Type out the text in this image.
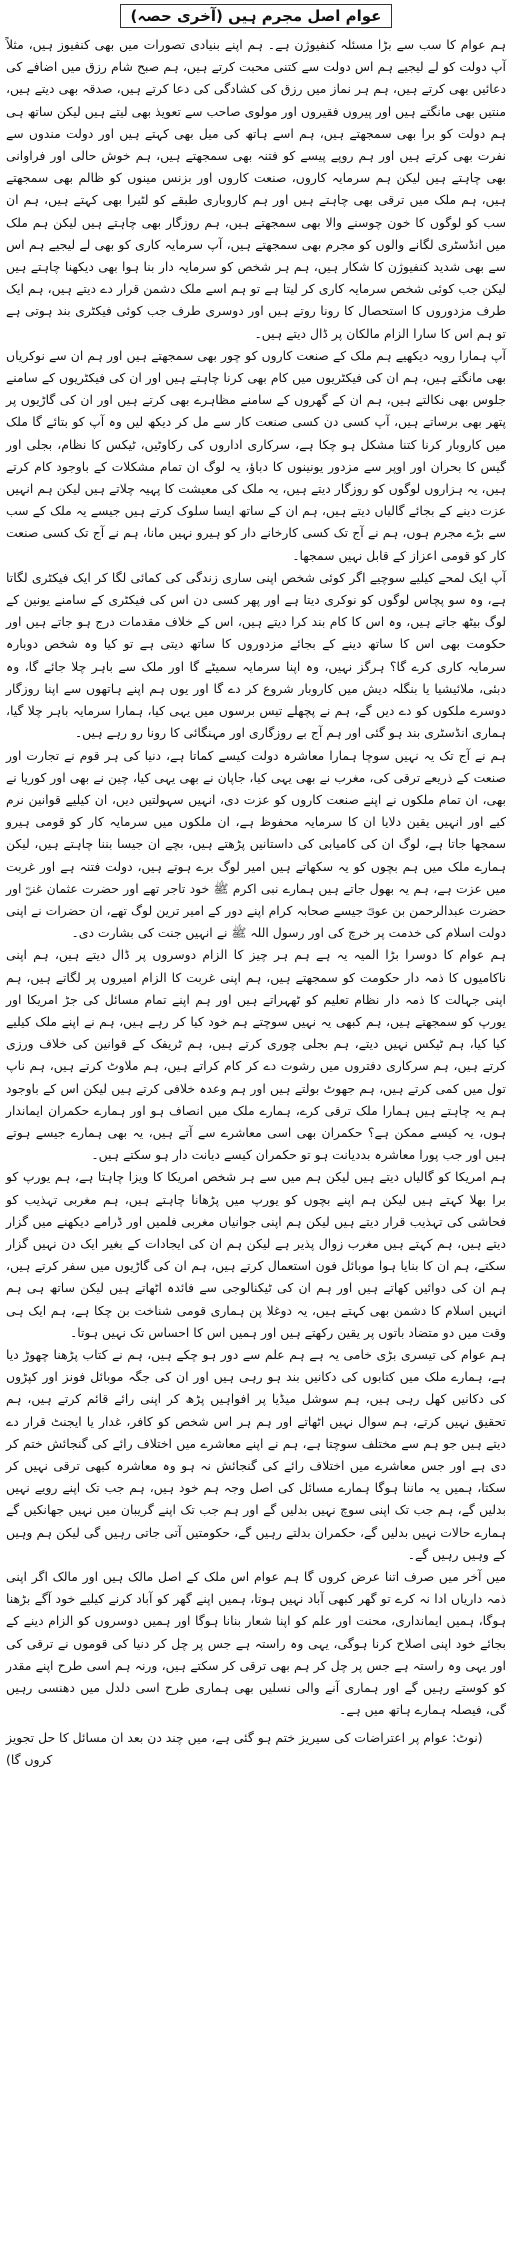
عوام اصل مجرم ہیں (آخری حصہ)

ہم عوام کا سب سے بڑا مسئلہ کنفیوژن ہے۔ ہم اپنے بنیادی تصورات میں بھی کنفیوز ہیں، مثلاً آپ دولت کو لے لیجیے ہم اس دولت سے کتنی محبت کرتے ہیں، ہم صبح شام رزق میں اضافے کی دعائیں بھی کرتے ہیں، ہم ہر نماز میں رزق کی کشادگی کی دعا کرتے ہیں، صدقہ بھی دیتے ہیں، منتیں بھی مانگتے ہیں اور پیروں فقیروں اور مولوی صاحب سے تعویذ بھی لیتے ہیں لیکن ساتھ ہی ہم دولت کو برا بھی سمجھتے ہیں، ہم اسے ہاتھ کی میل بھی کہتے ہیں اور دولت مندوں سے نفرت بھی کرتے ہیں اور ہم روپے پیسے کو فتنہ بھی سمجھتے ہیں، ہم خوش حالی اور فراوانی بھی چاہتے ہیں لیکن ہم سرمایہ کاروں، صنعت کاروں اور بزنس مینوں کو ظالم بھی سمجھتے ہیں، ہم ملک میں ترقی بھی چاہتے ہیں اور ہم کاروباری طبقے کو لٹیرا بھی کہتے ہیں، ہم ان سب کو لوگوں کا خون چوسنے والا بھی سمجھتے ہیں، ہم روزگار بھی چاہتے ہیں لیکن ہم ملک میں انڈسٹری لگانے والوں کو مجرم بھی سمجھتے ہیں، آپ سرمایہ کاری کو بھی لے لیجیے ہم اس سے بھی شدید کنفیوژن کا شکار ہیں، ہم ہر شخص کو سرمایہ دار بنا ہوا بھی دیکھنا چاہتے ہیں لیکن جب کوئی شخص سرمایہ کاری کر لیتا ہے تو ہم اسے ملک دشمن قرار دے دیتے ہیں، ہم ایک طرف مزدوروں کا استحصال کا رونا روتے ہیں اور دوسری طرف جب کوئی فیکٹری بند ہوتی ہے تو ہم اس کا سارا الزام مالکان پر ڈال دیتے ہیں۔

آپ ہمارا رویہ دیکھیے ہم ملک کے صنعت کاروں کو چور بھی سمجھتے ہیں اور ہم ان سے نوکریاں بھی مانگتے ہیں، ہم ان کی فیکٹریوں میں کام بھی کرنا چاہتے ہیں اور ان کی فیکٹریوں کے سامنے جلوس بھی نکالتے ہیں، ہم ان کے گھروں کے سامنے مظاہرے بھی کرتے ہیں اور ان کی گاڑیوں پر پتھر بھی برساتے ہیں، آپ کسی دن کسی صنعت کار سے مل کر دیکھ لیں وہ آپ کو بتائے گا ملک میں کاروبار کرنا کتنا مشکل ہو چکا ہے، سرکاری اداروں کی رکاوٹیں، ٹیکس کا نظام، بجلی اور گیس کا بحران اور اوپر سے مزدور یونینوں کا دباؤ، یہ لوگ ان تمام مشکلات کے باوجود کام کرتے ہیں، یہ ہزاروں لوگوں کو روزگار دیتے ہیں، یہ ملک کی معیشت کا پہیہ چلاتے ہیں لیکن ہم انہیں عزت دینے کے بجائے گالیاں دیتے ہیں، ہم ان کے ساتھ ایسا سلوک کرتے ہیں جیسے یہ ملک کے سب سے بڑے مجرم ہوں، ہم نے آج تک کسی کارخانے دار کو ہیرو نہیں مانا، ہم نے آج تک کسی صنعت کار کو قومی اعزاز کے قابل نہیں سمجھا۔

آپ ایک لمحے کیلیے سوچیے اگر کوئی شخص اپنی ساری زندگی کی کمائی لگا کر ایک فیکٹری لگاتا ہے، وہ سو پچاس لوگوں کو نوکری دیتا ہے اور پھر کسی دن اس کی فیکٹری کے سامنے یونین کے لوگ بیٹھ جاتے ہیں، وہ اس کا کام بند کرا دیتے ہیں، اس کے خلاف مقدمات درج ہو جاتے ہیں اور حکومت بھی اس کا ساتھ دینے کے بجائے مزدوروں کا ساتھ دیتی ہے تو کیا وہ شخص دوبارہ سرمایہ کاری کرے گا؟ ہرگز نہیں، وہ اپنا سرمایہ سمیٹے گا اور ملک سے باہر چلا جائے گا، وہ دبئی، ملائیشیا یا بنگلہ دیش میں کاروبار شروع کر دے گا اور یوں ہم اپنے ہاتھوں سے اپنا روزگار دوسرے ملکوں کو دے دیں گے، ہم نے پچھلے تیس برسوں میں یہی کیا، ہمارا سرمایہ باہر چلا گیا، ہماری انڈسٹری بند ہو گئی اور ہم آج بے روزگاری اور مہنگائی کا رونا رو رہے ہیں۔

ہم نے آج تک یہ نہیں سوچا ہمارا معاشرہ دولت کیسے کماتا ہے، دنیا کی ہر قوم نے تجارت اور صنعت کے ذریعے ترقی کی، مغرب نے بھی یہی کیا، جاپان نے بھی یہی کیا، چین نے بھی اور کوریا نے بھی، ان تمام ملکوں نے اپنے صنعت کاروں کو عزت دی، انہیں سہولتیں دیں، ان کیلیے قوانین نرم کیے اور انہیں یقین دلایا ان کا سرمایہ محفوظ ہے، ان ملکوں میں سرمایہ کار کو قومی ہیرو سمجھا جاتا ہے، لوگ ان کی کامیابی کی داستانیں پڑھتے ہیں، بچے ان جیسا بننا چاہتے ہیں، لیکن ہمارے ملک میں ہم بچوں کو یہ سکھاتے ہیں امیر لوگ برے ہوتے ہیں، دولت فتنہ ہے اور غربت میں عزت ہے، ہم یہ بھول جاتے ہیں ہمارے نبی اکرم ﷺ خود تاجر تھے اور حضرت عثمان غنیؓ اور حضرت عبدالرحمن بن عوفؓ جیسے صحابہ کرام اپنے دور کے امیر ترین لوگ تھے، ان حضرات نے اپنی دولت اسلام کی خدمت پر خرچ کی اور رسول اللہ ﷺ نے انہیں جنت کی بشارت دی۔

ہم عوام کا دوسرا بڑا المیہ یہ ہے ہم ہر چیز کا الزام دوسروں پر ڈال دیتے ہیں، ہم اپنی ناکامیوں کا ذمہ دار حکومت کو سمجھتے ہیں، ہم اپنی غربت کا الزام امیروں پر لگاتے ہیں، ہم اپنی جہالت کا ذمہ دار نظام تعلیم کو ٹھہراتے ہیں اور ہم اپنے تمام مسائل کی جڑ امریکا اور یورپ کو سمجھتے ہیں، ہم کبھی یہ نہیں سوچتے ہم خود کیا کر رہے ہیں، ہم نے اپنے ملک کیلیے کیا کیا، ہم ٹیکس نہیں دیتے، ہم بجلی چوری کرتے ہیں، ہم ٹریفک کے قوانین کی خلاف ورزی کرتے ہیں، ہم سرکاری دفتروں میں رشوت دے کر کام کراتے ہیں، ہم ملاوٹ کرتے ہیں، ہم ناپ تول میں کمی کرتے ہیں، ہم جھوٹ بولتے ہیں اور ہم وعدہ خلافی کرتے ہیں لیکن اس کے باوجود ہم یہ چاہتے ہیں ہمارا ملک ترقی کرے، ہمارے ملک میں انصاف ہو اور ہمارے حکمران ایماندار ہوں، یہ کیسے ممکن ہے؟ حکمران بھی اسی معاشرے سے آتے ہیں، یہ بھی ہمارے جیسے ہوتے ہیں اور جب پورا معاشرہ بددیانت ہو تو حکمران کیسے دیانت دار ہو سکتے ہیں۔

ہم امریکا کو گالیاں دیتے ہیں لیکن ہم میں سے ہر شخص امریکا کا ویزا چاہتا ہے، ہم یورپ کو برا بھلا کہتے ہیں لیکن ہم اپنے بچوں کو یورپ میں پڑھانا چاہتے ہیں، ہم مغربی تہذیب کو فحاشی کی تہذیب قرار دیتے ہیں لیکن ہم اپنی جوانیاں مغربی فلمیں اور ڈرامے دیکھنے میں گزار دیتے ہیں، ہم کہتے ہیں مغرب زوال پذیر ہے لیکن ہم ان کی ایجادات کے بغیر ایک دن نہیں گزار سکتے، ہم ان کا بنایا ہوا موبائل فون استعمال کرتے ہیں، ہم ان کی گاڑیوں میں سفر کرتے ہیں، ہم ان کی دوائیں کھاتے ہیں اور ہم ان کی ٹیکنالوجی سے فائدہ اٹھاتے ہیں لیکن ساتھ ہی ہم انہیں اسلام کا دشمن بھی کہتے ہیں، یہ دوغلا پن ہماری قومی شناخت بن چکا ہے، ہم ایک ہی وقت میں دو متضاد باتوں پر یقین رکھتے ہیں اور ہمیں اس کا احساس تک نہیں ہوتا۔

ہم عوام کی تیسری بڑی خامی یہ ہے ہم علم سے دور ہو چکے ہیں، ہم نے کتاب پڑھنا چھوڑ دیا ہے، ہمارے ملک میں کتابوں کی دکانیں بند ہو رہی ہیں اور ان کی جگہ موبائل فونز اور کپڑوں کی دکانیں کھل رہی ہیں، ہم سوشل میڈیا پر افواہیں پڑھ کر اپنی رائے قائم کرتے ہیں، ہم تحقیق نہیں کرتے، ہم سوال نہیں اٹھاتے اور ہم ہر اس شخص کو کافر، غدار یا ایجنٹ قرار دے دیتے ہیں جو ہم سے مختلف سوچتا ہے، ہم نے اپنے معاشرے میں اختلاف رائے کی گنجائش ختم کر دی ہے اور جس معاشرے میں اختلاف رائے کی گنجائش نہ ہو وہ معاشرہ کبھی ترقی نہیں کر سکتا، ہمیں یہ ماننا ہوگا ہمارے مسائل کی اصل وجہ ہم خود ہیں، ہم جب تک اپنے رویے نہیں بدلیں گے، ہم جب تک اپنی سوچ نہیں بدلیں گے اور ہم جب تک اپنے گریبان میں نہیں جھانکیں گے ہمارے حالات نہیں بدلیں گے، حکمران بدلتے رہیں گے، حکومتیں آتی جاتی رہیں گی لیکن ہم وہیں کے وہیں رہیں گے۔

میں آخر میں صرف اتنا عرض کروں گا ہم عوام اس ملک کے اصل مالک ہیں اور مالک اگر اپنی ذمہ داریاں ادا نہ کرے تو گھر کبھی آباد نہیں ہوتا، ہمیں اپنے گھر کو آباد کرنے کیلیے خود آگے بڑھنا ہوگا، ہمیں ایمانداری، محنت اور علم کو اپنا شعار بنانا ہوگا اور ہمیں دوسروں کو الزام دینے کے بجائے خود اپنی اصلاح کرنا ہوگی، یہی وہ راستہ ہے جس پر چل کر دنیا کی قوموں نے ترقی کی اور یہی وہ راستہ ہے جس پر چل کر ہم بھی ترقی کر سکتے ہیں، ورنہ ہم اسی طرح اپنے مقدر کو کوستے رہیں گے اور ہماری آنے والی نسلیں بھی ہماری طرح اسی دلدل میں دھنسی رہیں گی، فیصلہ ہمارے ہاتھ میں ہے۔

(نوٹ: عوام پر اعتراضات کی سیریز ختم ہو گئی ہے، میں چند دن بعد ان مسائل کا حل تجویز کروں گا)
